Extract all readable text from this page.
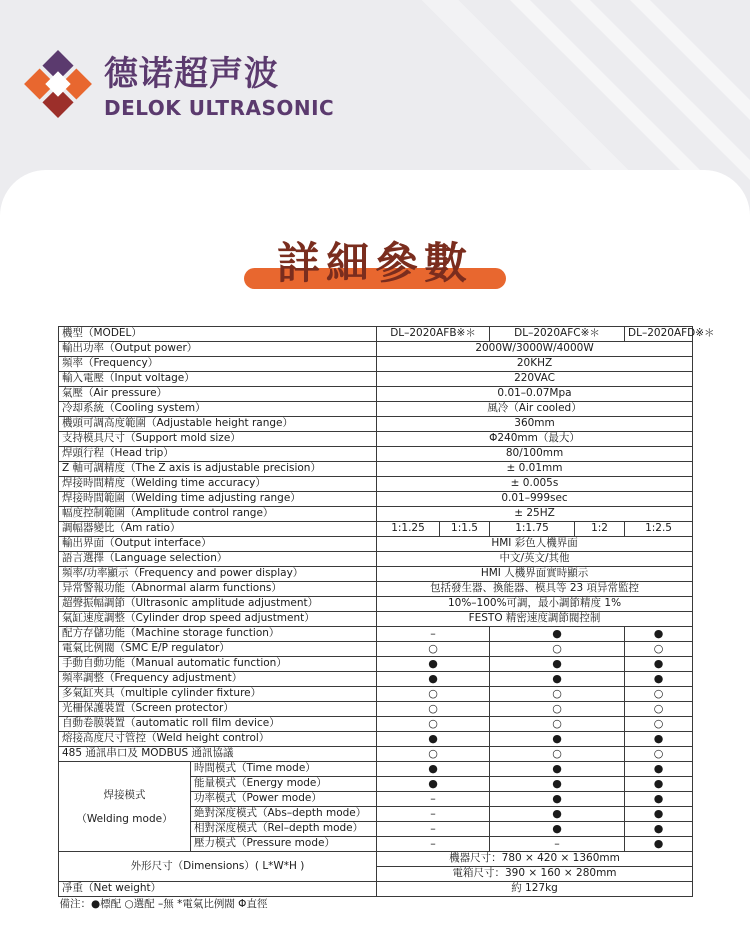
德诺超声波
DELOK ULTRASONIC
詳細參數
機型（MODEL）		DL–2020AFB※＊		DL–2020AFC※＊		DL–2020AFD※＊
輸出功率（Output power）		2000W/3000W/4000W				
頻率（Frequency）		20KHZ				
輸入電壓（Input voltage）		220VAC				
氣壓（Air pressure）		0.01–0.07Mpa				
冷却系統（Cooling system）		風冷（Air cooled）				
機頭可調高度範圍（Adjustable height range）		360mm				
支持模具尺寸（Support mold size）		Φ240mm（最大）				
焊頭行程（Head trip）		80/100mm				
Z 軸可調精度（The Z axis is adjustable precision）		± 0.01mm				
焊接時間精度（Welding time accuracy）		± 0.005s				
焊接時間範圍（Welding time adjusting range）		0.01–999sec				
幅度控制範圍（Amplitude control range）		± 25HZ				
調幅器變比（Am ratio）		1:1.25	1:1.5	1:1.75	1:2	1:2.5
輸出界面（Output interface）		HMI 彩色人機界面				
語言選擇（Language selection）		中文/英文/其他				
頻率/功率顯示（Frequency and power display）		HMI 人機界面實時顯示				
异常警報功能（Abnormal alarm functions）		包括發生器、換能器、模具等 23 項异常監控				
超聲振幅調節（Ultrasonic amplitude adjustment）		10%–100%可調，最小調節精度 1%				
氣缸速度調整（Cylinder drop speed adjustment）		FESTO 精密速度調節閥控制				
配方存儲功能（Machine storage function）		–		●		●
電氣比例閥（SMC E/P regulator）		○		○		○
手動自動功能（Manual automatic function）		●		●		●
頻率調整（Frequency adjustment）		●		●		●
多氣缸夾具（multiple cylinder fixture）		○		○		○
光柵保護裝置（Screen protector）		○		○		○
自動卷膜裝置（automatic roll film device）		○		○		○
熔接高度尺寸管控（Weld height control）		●		●		●
485 通訊串口及 MODBUS 通訊協議		○		○		○

焊接模式
（Welding mode）	時間模式（Time mode）	●		●		●
	能量模式（Energy mode）	●		●		●
	功率模式（Power mode）	–		●		●
	絶對深度模式（Abs–depth mode）	–		●		●
	相對深度模式（Rel–depth mode）	–		●		●
	壓力模式（Pressure mode）	–		–		●
外形尺寸（Dimensions）( L*W*H )		機器尺寸：780 × 420 × 1360mm				
		電箱尺寸：390 × 160 × 280mm				
凈重（Net weight）		約 127kg				
備注：●標配 ○選配 –無 *電氣比例閥 Φ直徑						
